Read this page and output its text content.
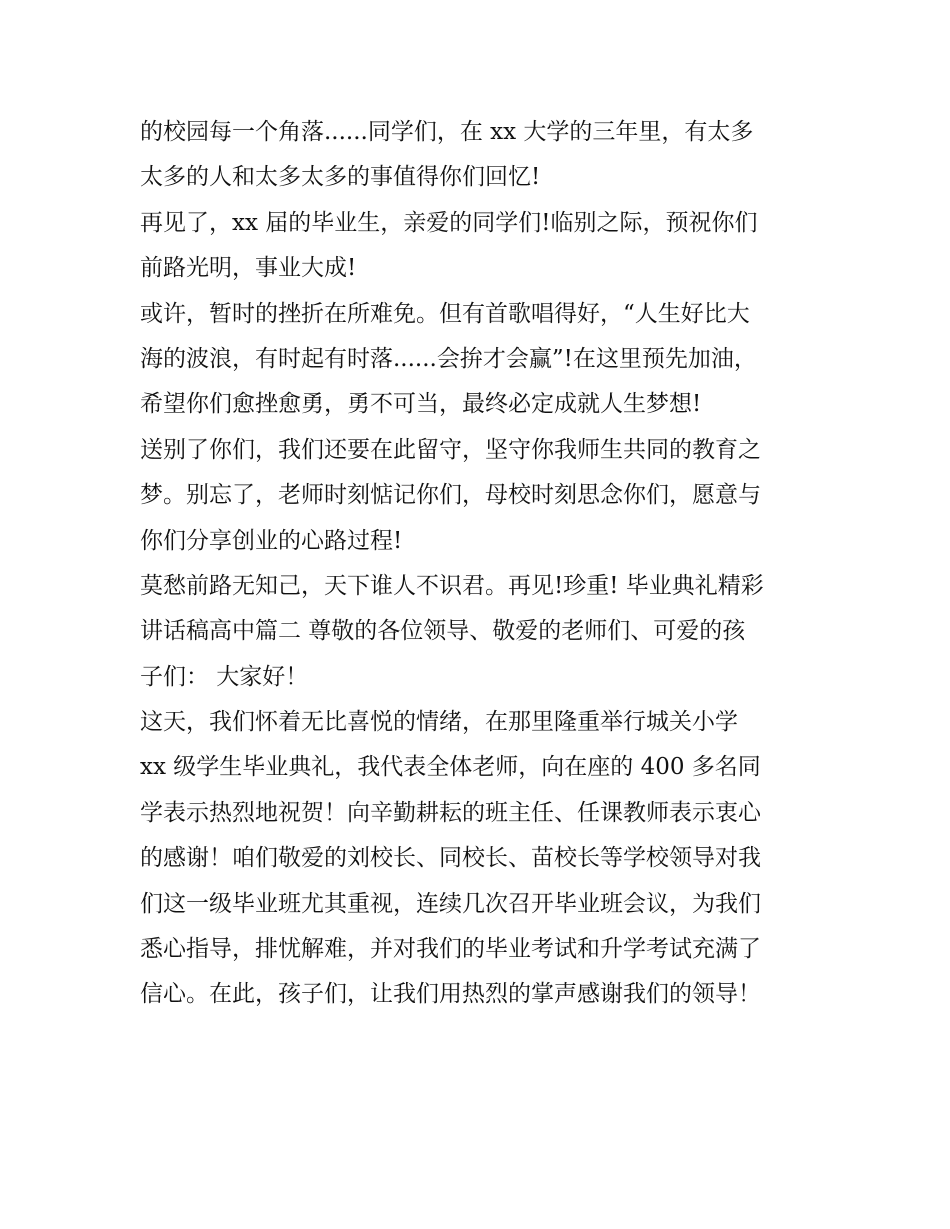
的校园每一个角落......同学们，在 xx 大学的三年里，有太多
太多的人和太多太多的事值得你们回忆!
再见了，xx 届的毕业生，亲爱的同学们!临别之际，预祝你们
前路光明，事业大成!
或许，暂时的挫折在所难免。但有首歌唱得好，“人生好比大
海的波浪，有时起有时落......会拚才会赢”!在这里预先加油，
希望你们愈挫愈勇，勇不可当，最终必定成就人生梦想!
送别了你们，我们还要在此留守，坚守你我师生共同的教育之
梦。别忘了，老师时刻惦记你们，母校时刻思念你们，愿意与
你们分享创业的心路过程!
莫愁前路无知己，天下谁人不识君。再见!珍重! 毕业典礼精彩
讲话稿高中篇二 尊敬的各位领导、敬爱的老师们、可爱的孩
子们： 大家好！
这天，我们怀着无比喜悦的情绪，在那里隆重举行城关小学
xx 级学生毕业典礼，我代表全体老师，向在座的 400 多名同
学表示热烈地祝贺！向辛勤耕耘的班主任、任课教师表示衷心
的感谢！咱们敬爱的刘校长、同校长、苗校长等学校领导对我
们这一级毕业班尤其重视，连续几次召开毕业班会议，为我们
悉心指导，排忧解难，并对我们的毕业考试和升学考试充满了
信心。在此，孩子们，让我们用热烈的掌声感谢我们的领导！
